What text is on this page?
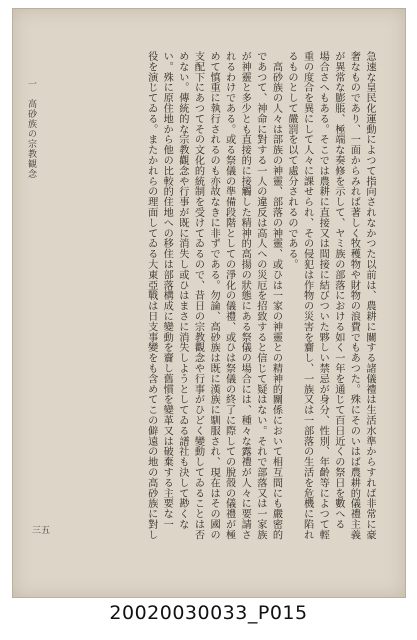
急速な皇民化運動によつて指向されなかつた以前は、農耕に關する諸儀禮は生活水準からすれば非常に豪
奢なものであり、一面からみれば著しく牧穫物や財物の浪費でもあつた。殊にそのいはば農耕的儀禮主義
が異常な膨脹、極端な奏修を示して、ヤミ族の部落における如く一年を通じて百日近くの祭日を數へる
場合さへもある。そこでは農耕に直接又は間接に結びついた夥しい禁忌が身分、性別、年齡等によつて輕
重の度合を異にして人々に課せられ、その侵犯は作物の災害を齎し、一族又は一部落の生活を危機に陷れ
るものとして嚴罰を以て處分されるのである。
　高砂族の人々は部族の神靈、部落の神靈、或ひは一家の神靈との精神的關係において相互間にも嚴密的
であつて、神命に對する一人の違反は高人への災厄を招致すると信じて疑はない。それで部落又は一家族
が神靈と多少とも直接的に接觸した精神的高揚の狀態にある祭儀の場合には、種々な露禮が人々に要請さ
れるわけである。或る祭儀の準備段階としての淨化の儀禮、或ひは祭儀の終了に際しての脫殼の儀禮が極
めて慎重に執行されるのも亦故なきに非ずである。勿論、高砂族は既に漢族に馴服され、現在はその國の
支配下にあつてその文化的統制を受けてゐるので、昔日の宗教觀念や行事がひどく變動してゐることは否
めない。傳統的な宗教觀念や行事が既に消失し或ひはまさに消失しようとしてゐる譜社も決して尠くな
い。殊に原住地から他の比較的住地への移住は部落構成に變動を齎し舊慣を變革又は破棄する主要な一
役を演じてゐる。またかれらの理面してゐる大東亞戰は日支事變をも含めてこの僻遠の地の高砂族に對し
一　高砂族の宗教観念
三五
20020030033_P015
